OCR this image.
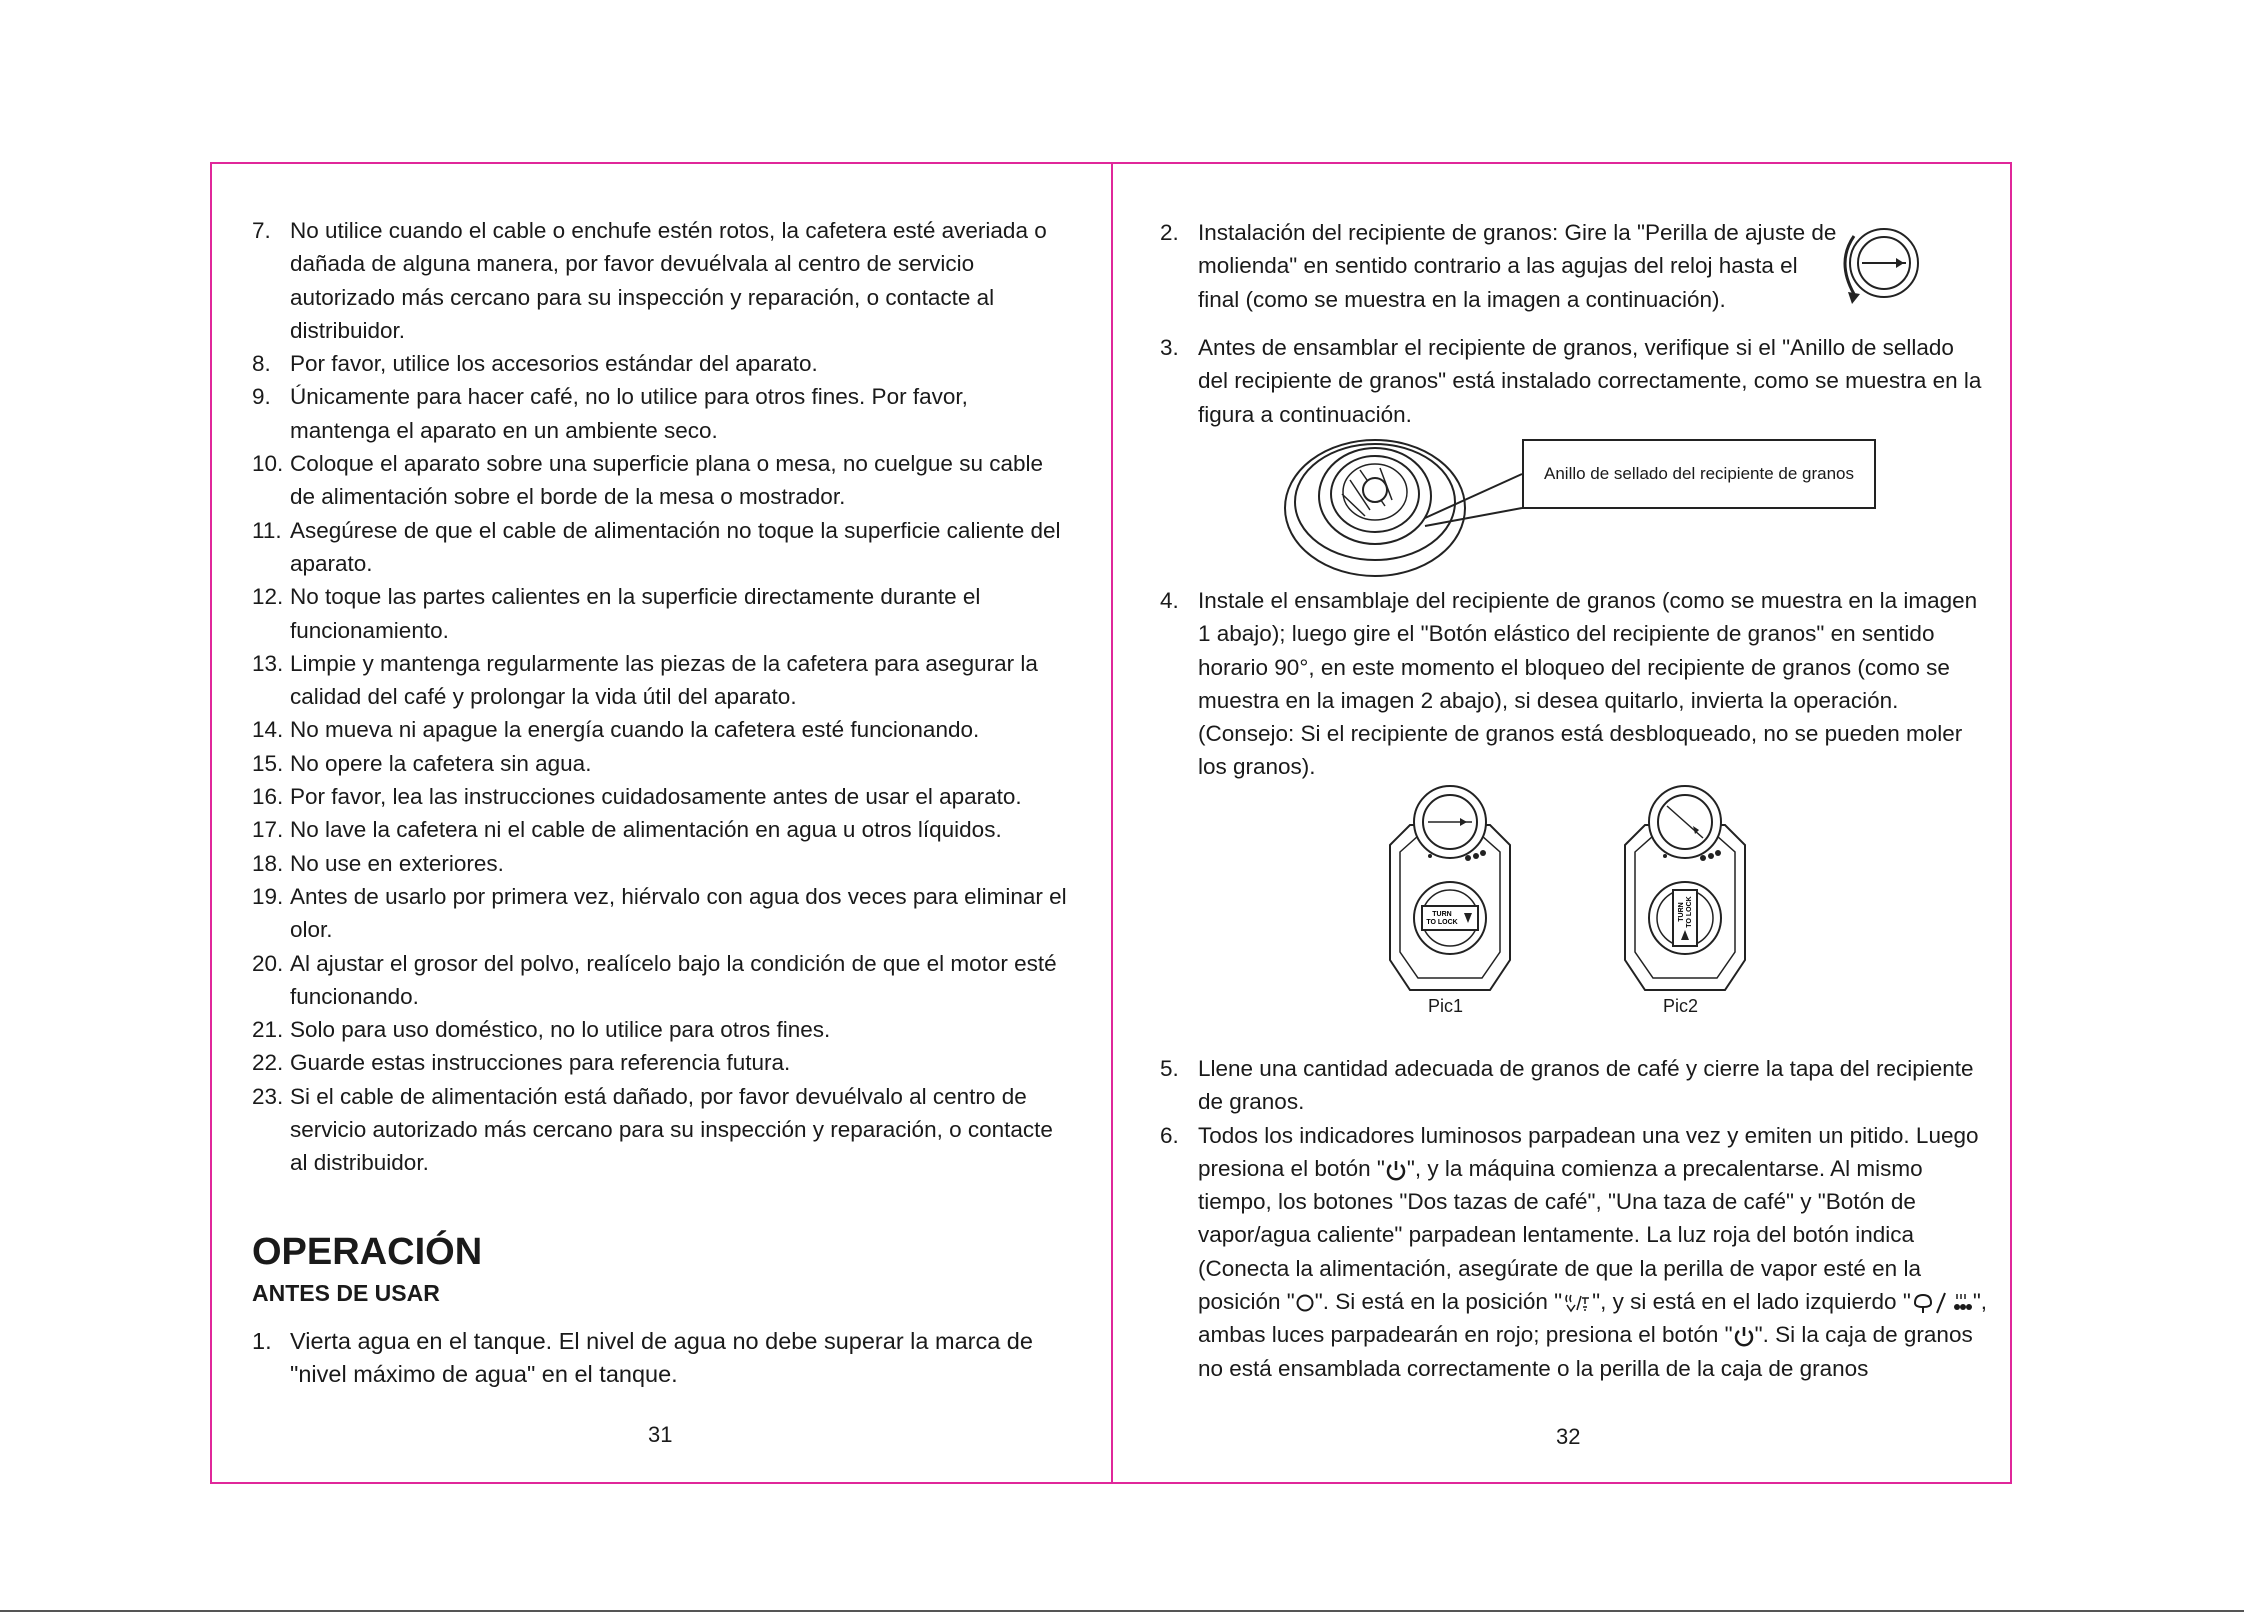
7. No utilice cuando el cable o enchufe estén rotos, la cafetera esté averiada o dañada de alguna manera, por favor devuélvala al centro de servicio autorizado más cercano para su inspección y reparación, o contacte al distribuidor.
8. Por favor, utilice los accesorios estándar del aparato.
9. Únicamente para hacer café, no lo utilice para otros fines. Por favor, mantenga el aparato en un ambiente seco.
10. Coloque el aparato sobre una superficie plana o mesa, no cuelgue su cable de alimentación sobre el borde de la mesa o mostrador.
11. Asegúrese de que el cable de alimentación no toque la superficie caliente del aparato.
12. No toque las partes calientes en la superficie directamente durante el funcionamiento.
13. Limpie y mantenga regularmente las piezas de la cafetera para asegurar la calidad del café y prolongar la vida útil del aparato.
14. No mueva ni apague la energía cuando la cafetera esté funcionando.
15. No opere la cafetera sin agua.
16. Por favor, lea las instrucciones cuidadosamente antes de usar el aparato.
17. No lave la cafetera ni el cable de alimentación en agua u otros líquidos.
18. No use en exteriores.
19. Antes de usarlo por primera vez, hiérvalo con agua dos veces para eliminar el olor.
20. Al ajustar el grosor del polvo, realícelo bajo la condición de que el motor esté funcionando.
21. Solo para uso doméstico, no lo utilice para otros fines.
22. Guarde estas instrucciones para referencia futura.
23. Si el cable de alimentación está dañado, por favor devuélvalo al centro de servicio autorizado más cercano para su inspección y reparación, o contacte al distribuidor.
OPERACIÓN
ANTES DE USAR
1. Vierta agua en el tanque. El nivel de agua no debe superar la marca de "nivel máximo de agua" en el tanque.
31
2. Instalación del recipiente de granos: Gire la "Perilla de ajuste de molienda" en sentido contrario a las agujas del reloj hasta el final (como se muestra en la imagen a continuación).
3. Antes de ensamblar el recipiente de granos, verifique si el "Anillo de sellado del recipiente de granos" está instalado correctamente, como se muestra en la figura a continuación.
Anillo de sellado del recipiente de granos
4. Instale el ensamblaje del recipiente de granos (como se muestra en la imagen 1 abajo); luego gire el "Botón elástico del recipiente de granos" en sentido horario 90°, en este momento el bloqueo del recipiente de granos (como se muestra en la imagen 2 abajo), si desea quitarlo, invierta la operación. (Consejo: Si el recipiente de granos está desbloqueado, no se pueden moler los granos).
TURN
TO LOCK
Pic1
TURN TO LOCK
Pic2
5. Llene una cantidad adecuada de granos de café y cierre la tapa del recipiente de granos.
6. Todos los indicadores luminosos parpadean una vez y emiten un pitido. Luego presiona el botón " ", y la máquina comienza a precalentarse. Al mismo tiempo, los botones "Dos tazas de café", "Una taza de café" y "Botón de vapor/agua caliente" parpadean lentamente. La luz roja del botón indica (Conecta la alimentación, asegúrate de que la perilla de vapor esté en la posición " ". Si está en la posición " ", y si está en el lado izquierdo "	", ambas luces parpadearán en rojo; presiona el botón " ". Si la caja de granos no está ensamblada correctamente o la perilla de la caja de granos
32
